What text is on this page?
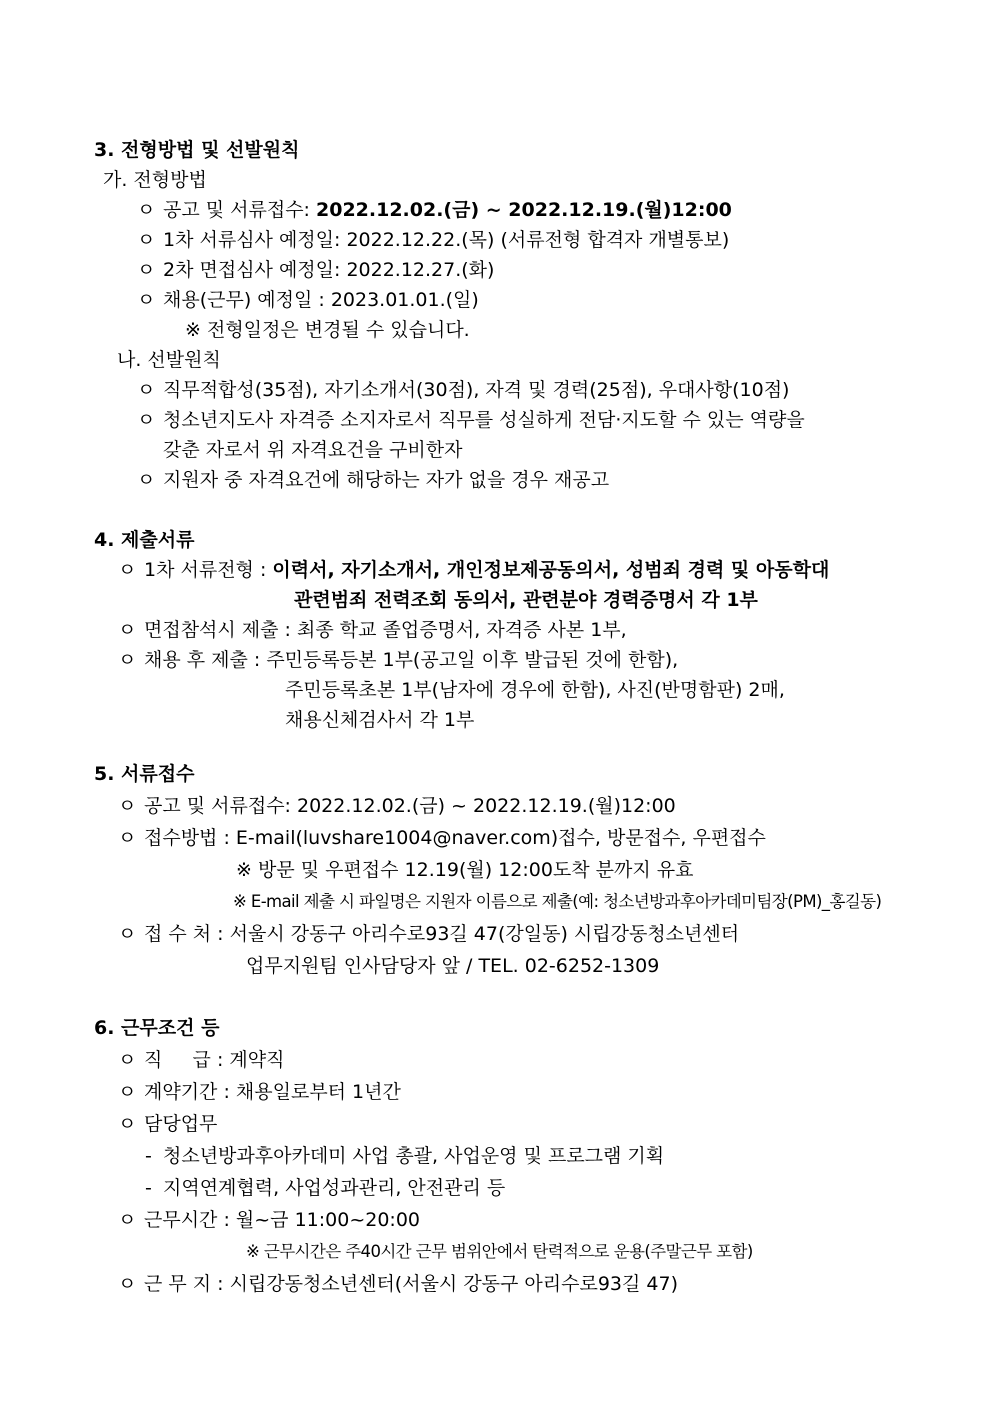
3. 전형방법 및 선발원칙
가. 전형방법
ㅇ 공고 및 서류접수: 2022.12.02.(금) ~ 2022.12.19.(월)12:00
ㅇ 1차 서류심사 예정일: 2022.12.22.(목) (서류전형 합격자 개별통보)
ㅇ 2차 면접심사 예정일: 2022.12.27.(화)
ㅇ 채용(근무) 예정일 : 2023.01.01.(일)
※ 전형일정은 변경될 수 있습니다.
나. 선발원칙
ㅇ 직무적합성(35점), 자기소개서(30점), 자격 및 경력(25점), 우대사항(10점)
ㅇ 청소년지도사 자격증 소지자로서 직무를 성실하게 전담·지도할 수 있는 역량을
갖춘 자로서 위 자격요건을 구비한자
ㅇ 지원자 중 자격요건에 해당하는 자가 없을 경우 재공고
4. 제출서류
ㅇ 1차 서류전형 : 이력서, 자기소개서, 개인정보제공동의서, 성범죄 경력 및 아동학대
관련범죄 전력조회 동의서, 관련분야 경력증명서 각 1부
ㅇ 면접참석시 제출 : 최종 학교 졸업증명서, 자격증 사본 1부,
ㅇ 채용 후 제출 : 주민등록등본 1부(공고일 이후 발급된 것에 한함),
주민등록초본 1부(남자에 경우에 한함), 사진(반명함판) 2매,
채용신체검사서 각 1부
5. 서류접수
ㅇ 공고 및 서류접수: 2022.12.02.(금) ~ 2022.12.19.(월)12:00
ㅇ 접수방법 : E-mail(luvshare1004@naver.com)접수, 방문접수, 우편접수
※ 방문 및 우편접수 12.19(월) 12:00도착 분까지 유효
※ E-mail 제출 시 파일명은 지원자 이름으로 제출(예: 청소년방과후아카데미팀장(PM)_홍길동)
ㅇ 접 수 처 : 서울시 강동구 아리수로93길 47(강일동) 시립강동청소년센터
업무지원팀 인사담당자 앞 / TEL. 02-6252-1309
6. 근무조건 등
ㅇ 직     급 : 계약직
ㅇ 계약기간 : 채용일로부터 1년간
ㅇ 담당업무
- 청소년방과후아카데미 사업 총괄, 사업운영 및 프로그램 기획
- 지역연계협력, 사업성과관리, 안전관리 등
ㅇ 근무시간 : 월~금 11:00~20:00
※ 근무시간은 주40시간 근무 범위안에서 탄력적으로 운용(주말근무 포함)
ㅇ 근 무 지 : 시립강동청소년센터(서울시 강동구 아리수로93길 47)
